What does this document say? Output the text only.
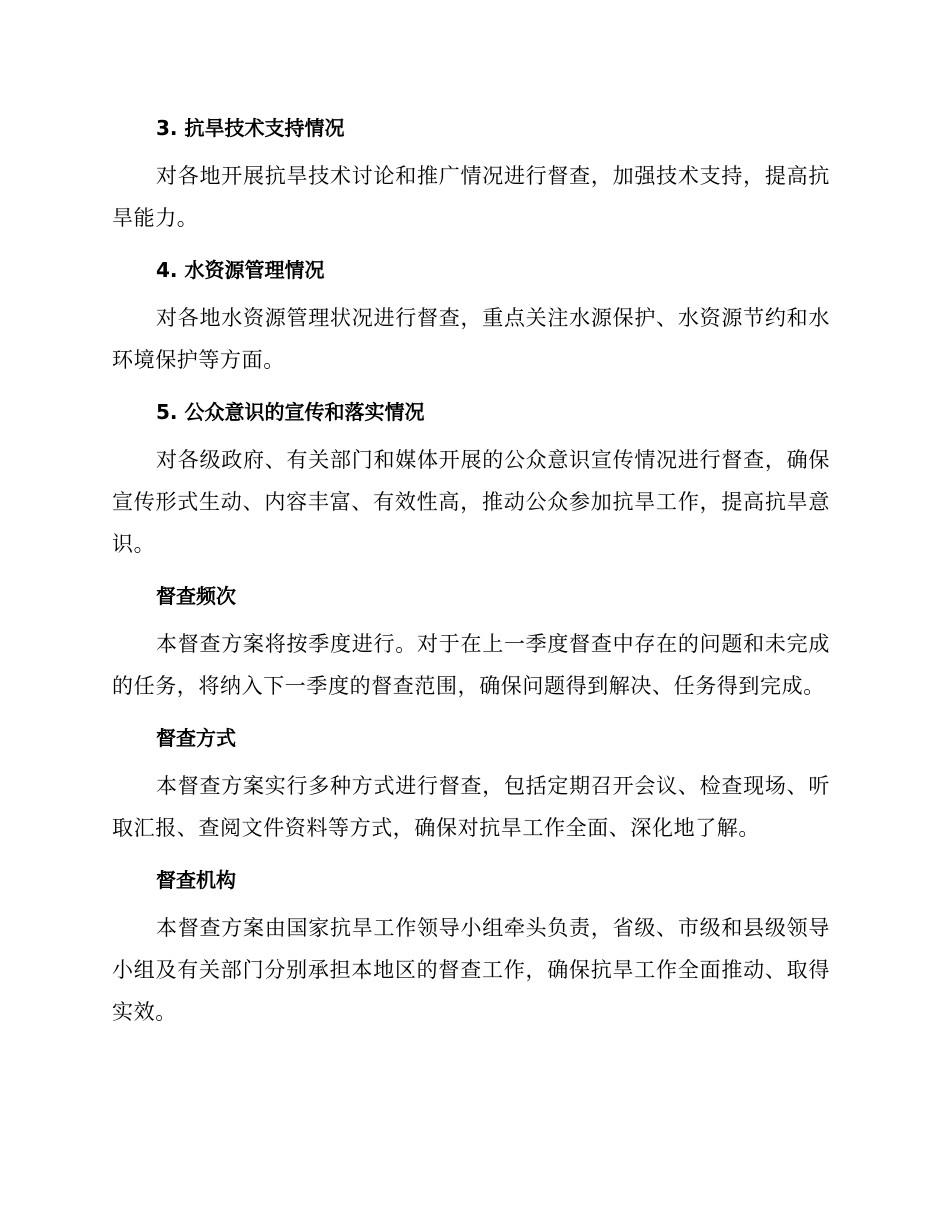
3. 抗旱技术支持情况

对各地开展抗旱技术讨论和推广情况进行督查，加强技术支持，提高抗旱能力。

4. 水资源管理情况

对各地水资源管理状况进行督查，重点关注水源保护、水资源节约和水环境保护等方面。

5. 公众意识的宣传和落实情况

对各级政府、有关部门和媒体开展的公众意识宣传情况进行督查，确保宣传形式生动、内容丰富、有效性高，推动公众参加抗旱工作，提高抗旱意识。

督查频次

本督查方案将按季度进行。对于在上一季度督查中存在的问题和未完成的任务，将纳入下一季度的督查范围，确保问题得到解决、任务得到完成。

督查方式

本督查方案实行多种方式进行督查，包括定期召开会议、检查现场、听取汇报、查阅文件资料等方式，确保对抗旱工作全面、深化地了解。

督查机构

本督查方案由国家抗旱工作领导小组牵头负责，省级、市级和县级领导小组及有关部门分别承担本地区的督查工作，确保抗旱工作全面推动、取得实效。
